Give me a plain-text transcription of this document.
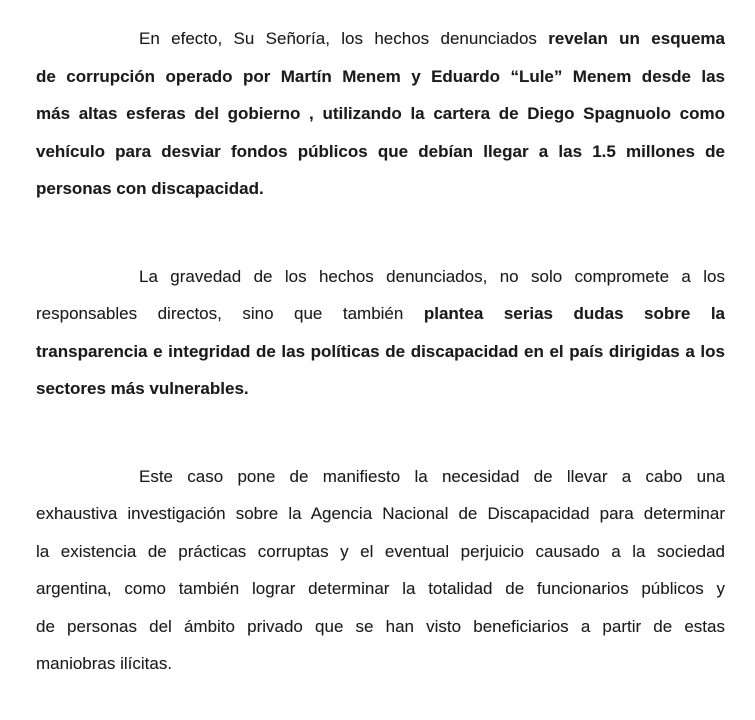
En efecto, Su Señoría, los hechos denunciados revelan un esquema
de corrupción operado por Martín Menem y Eduardo “Lule” Menem desde las
más altas esferas del gobierno , utilizando la cartera de Diego Spagnuolo como
vehículo para desviar fondos públicos que debían llegar a las 1.5 millones de
personas con discapacidad.
La gravedad de los hechos denunciados, no solo compromete a los
responsables directos, sino que también plantea serias dudas sobre la
transparencia e integridad de las políticas de discapacidad en el país dirigidas a los
sectores más vulnerables.
Este caso pone de manifiesto la necesidad de llevar a cabo una
exhaustiva investigación sobre la Agencia Nacional de Discapacidad para determinar
la existencia de prácticas corruptas y el eventual perjuicio causado a la sociedad
argentina, como también lograr determinar la totalidad de funcionarios públicos y
de personas del ámbito privado que se han visto beneficiarios a partir de estas
maniobras ilícitas.
